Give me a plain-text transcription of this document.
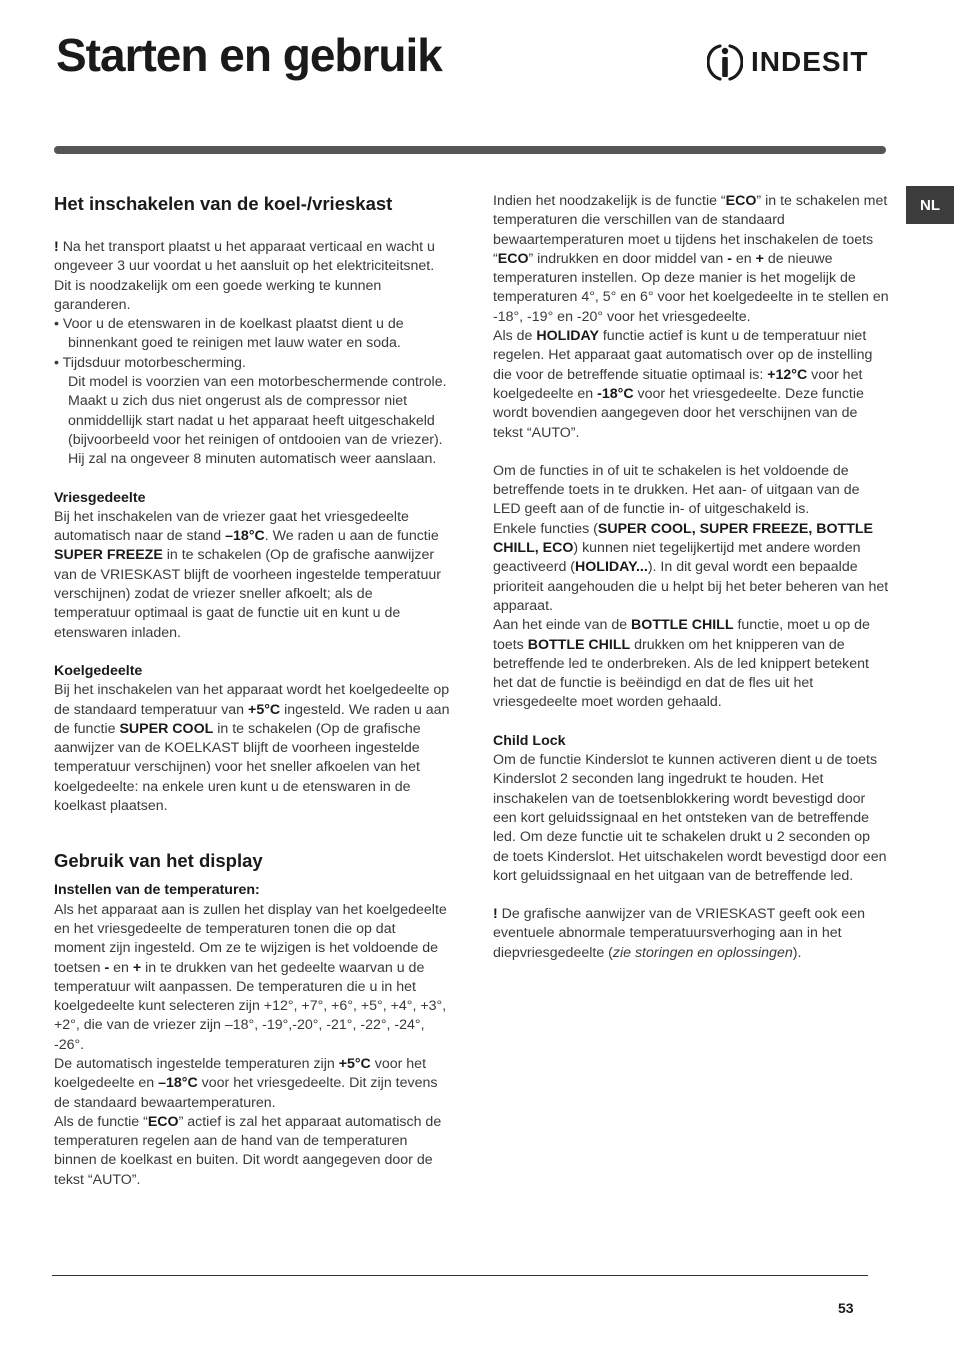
Starten en gebruik	INDESIT
NL
Het inschakelen van de koel-/vrieskast

! Na het transport plaatst u het apparaat verticaal en wacht u ongeveer 3 uur voordat u het aansluit op het elektriciteitsnet. Dit is noodzakelijk om een goede werking te kunnen garanderen.

• Voor u de etenswaren in de koelkast plaatst dient u de binnenkant goed te reinigen met lauw water en soda.

• Tijdsduur motorbescherming.

Dit model is voorzien van een motorbeschermende controle. Maakt u zich dus niet ongerust als de compressor niet onmiddellijk start nadat u het apparaat heeft uitgeschakeld (bijvoorbeeld voor het reinigen of ontdooien van de vriezer). Hij zal na ongeveer 8 minuten automatisch weer aanslaan.

Vriesgedeelte

Bij het inschakelen van de vriezer gaat het vriesgedeelte automatisch naar de stand –18°C. We raden u aan de functie SUPER FREEZE in te schakelen (Op de grafische aanwijzer van de VRIESKAST blijft de voorheen ingestelde temperatuur verschijnen) zodat de vriezer sneller afkoelt; als de temperatuur optimaal is gaat de functie uit en kunt u de etenswaren inladen.

Koelgedeelte

Bij het inschakelen van het apparaat wordt het koelgedeelte op de standaard temperatuur van +5°C ingesteld. We raden u aan de functie SUPER COOL in te schakelen (Op de grafische aanwijzer van de KOELKAST blijft de voorheen ingestelde temperatuur verschijnen) voor het sneller afkoelen van het koelgedeelte: na enkele uren kunt u de etenswaren in de koelkast plaatsen.

Gebruik van het display
Instellen van de temperaturen:

Als het apparaat aan is zullen het display van het koelgedeelte en het vriesgedeelte de temperaturen tonen die op dat moment zijn ingesteld. Om ze te wijzigen is het voldoende de toetsen - en + in te drukken van het gedeelte waarvan u de temperatuur wilt aanpassen. De temperaturen die u in het koelgedeelte kunt selecteren zijn +12°, +7°, +6°, +5°, +4°, +3°, +2°, die van de vriezer zijn –18°, -19°,-20°, -21°, -22°, -24°, -26°.

De automatisch ingestelde temperaturen zijn +5°C voor het koelgedeelte en –18°C voor het vriesgedeelte. Dit zijn tevens de standaard bewaartemperaturen.

Als de functie “ECO” actief is zal het apparaat automatisch de temperaturen regelen aan de hand van de temperaturen binnen de koelkast en buiten. Dit wordt aangegeven door de tekst “AUTO”.

Indien het noodzakelijk is de functie “ECO” in te schakelen met temperaturen die verschillen van de standaard bewaartemperaturen moet u tijdens het inschakelen de toets “ECO” indrukken en door middel van - en + de nieuwe temperaturen instellen. Op deze manier is het mogelijk de temperaturen 4°, 5° en 6° voor het koelgedeelte in te stellen en -18°, -19° en -20° voor het vriesgedeelte.

Als de HOLIDAY functie actief is kunt u de temperatuur niet regelen. Het apparaat gaat automatisch over op de instelling die voor de betreffende situatie optimaal is: +12°C voor het koelgedeelte en -18°C voor het vriesgedeelte. Deze functie wordt bovendien aangegeven door het verschijnen van de tekst “AUTO”.

Om de functies in of uit te schakelen is het voldoende de betreffende toets in te drukken. Het aan- of uitgaan van de LED geeft aan of de functie in- of uitgeschakeld is.

Enkele functies (SUPER COOL, SUPER FREEZE, BOTTLE CHILL, ECO) kunnen niet tegelijkertijd met andere worden geactiveerd (HOLIDAY...). In dit geval wordt een bepaalde prioriteit aangehouden die u helpt bij het beter beheren van het apparaat.

Aan het einde van de BOTTLE CHILL functie, moet u op de toets BOTTLE CHILL drukken om het knipperen van de betreffende led te onderbreken. Als de led knippert betekent het dat de functie is beëindigd en dat de fles uit het vriesgedeelte moet worden gehaald.

Child Lock

Om de functie Kinderslot te kunnen activeren dient u de toets Kinderslot 2 seconden lang ingedrukt te houden. Het inschakelen van de toetsenblokkering wordt bevestigd door een kort geluidssignaal en het ontsteken van de betreffende led. Om deze functie uit te schakelen drukt u 2 seconden op de toets Kinderslot. Het uitschakelen wordt bevestigd door een kort geluidssignaal en het uitgaan van de betreffende led.

! De grafische aanwijzer van de VRIESKAST geeft ook een eventuele abnormale temperatuursverhoging aan in het diepvriesgedeelte (zie storingen en oplossingen).

53
